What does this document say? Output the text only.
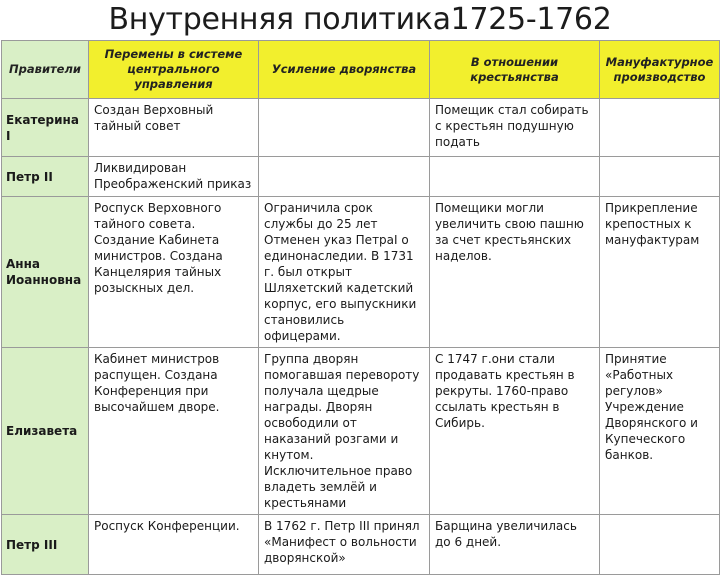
Внутренняя политика1725-1762
Правители	Перемены в системе центрального управления	Усиление дворянства	В отношении крестьянства	Мануфактурное производство
Екатерина I	Создан Верховный тайный совет		Помещик стал собирать с крестьян подушную подать	
Петр II	Ликвидирован Преображенский приказ			
Анна Иоанновна	Роспуск Верховного тайного совета. Создание Кабинета министров. Создана Канцелярия тайных розыскных дел.	Ограничила срок службы до 25 лет Отменен указ ПетраI о единонаследии. В 1731 г. был открыт Шляхетский кадетский корпус, его выпускники становились офицерами.	Помещики могли увеличить свою пашню за счет крестьянских наделов.	Прикрепление крепостных к мануфактурам
Елизавета	Кабинет министров распущен. Создана Конференция при высочайшем дворе.	Группа дворян помогавшая перевороту получала щедрые награды. Дворян освободили от наказаний розгами и кнутом. Исключительное право владеть землёй и крестьянами	С 1747 г.они стали продавать крестьян в рекруты. 1760-право ссылать крестьян в Сибирь.	Принятие «Работных регулов» Учреждение Дворянского и Купеческого банков.
Петр III	Роспуск Конференции.	В 1762 г. Петр III принял «Манифест о вольности дворянской»	Барщина увеличилась до 6 дней.	
